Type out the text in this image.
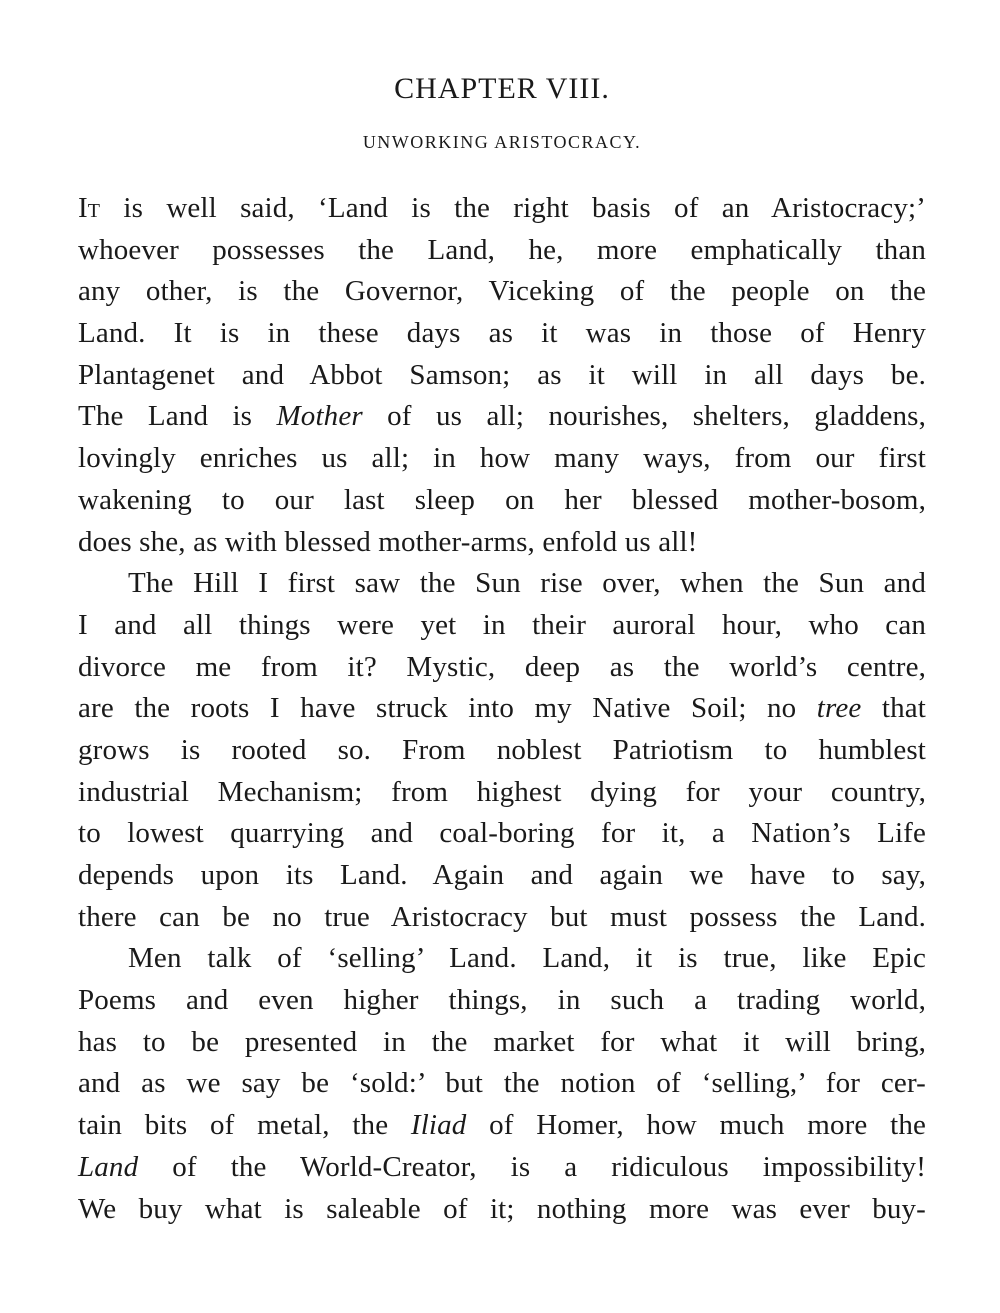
CHAPTER VIII.
UNWORKING ARISTOCRACY.
It is well said, ‘Land is the right basis of an Aristocracy;’
whoever possesses the Land, he, more emphatically than
any other, is the Governor, Viceking of the people on the
Land. It is in these days as it was in those of Henry
Plantagenet and Abbot Samson; as it will in all days be.
The Land is Mother of us all; nourishes, shelters, gladdens,
lovingly enriches us all; in how many ways, from our first
wakening to our last sleep on her blessed mother-bosom,
does she, as with blessed mother-arms, enfold us all!
The Hill I first saw the Sun rise over, when the Sun and
I and all things were yet in their auroral hour, who can
divorce me from it? Mystic, deep as the world’s centre,
are the roots I have struck into my Native Soil; no tree that
grows is rooted so. From noblest Patriotism to humblest
industrial Mechanism; from highest dying for your country,
to lowest quarrying and coal-boring for it, a Nation’s Life
depends upon its Land. Again and again we have to say,
there can be no true Aristocracy but must possess the Land.
Men talk of ‘selling’ Land. Land, it is true, like Epic
Poems and even higher things, in such a trading world,
has to be presented in the market for what it will bring,
and as we say be ‘sold:’ but the notion of ‘selling,’ for cer-
tain bits of metal, the Iliad of Homer, how much more the
Land of the World-Creator, is a ridiculous impossibility!
We buy what is saleable of it; nothing more was ever buy-
